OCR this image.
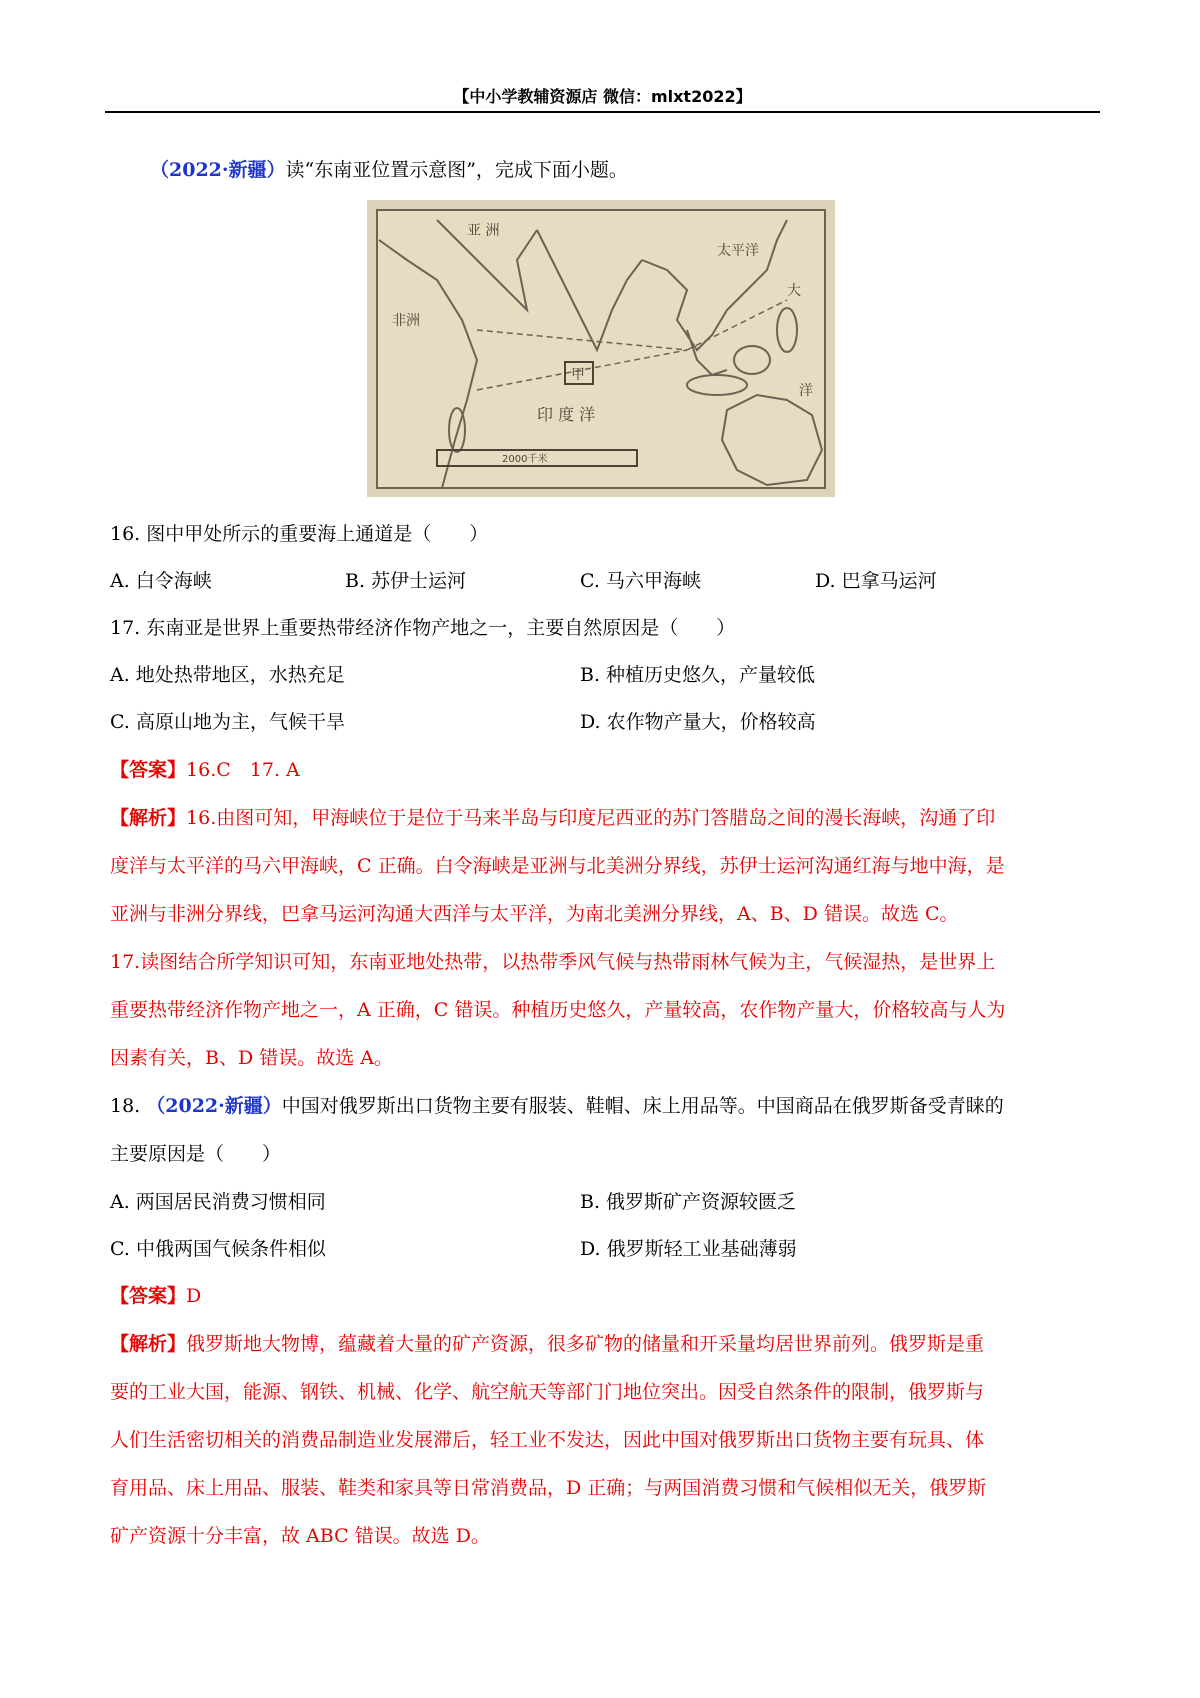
【中小学教辅资源店 微信：mlxt2022】
（2022·新疆）读“东南亚位置示意图”，完成下面小题。
亚 洲
非洲
太平洋
大
洋
甲
印 度 洋
2000千米
16. 图中甲处所示的重要海上通道是（　　）
A. 白令海峡	B. 苏伊士运河	C. 马六甲海峡	D. 巴拿马运河
17. 东南亚是世界上重要热带经济作物产地之一，主要自然原因是（　　）
A. 地处热带地区，水热充足	B. 种植历史悠久，产量较低
C. 高原山地为主，气候干旱	D. 农作物产量大，价格较高
【答案】16.C　17. A
【解析】16.由图可知，甲海峡位于是位于马来半岛与印度尼西亚的苏门答腊岛之间的漫长海峡，沟通了印
度洋与太平洋的马六甲海峡，C 正确。白令海峡是亚洲与北美洲分界线，苏伊士运河沟通红海与地中海，是
亚洲与非洲分界线，巴拿马运河沟通大西洋与太平洋，为南北美洲分界线，A、B、D 错误。故选 C。
17.读图结合所学知识可知，东南亚地处热带，以热带季风气候与热带雨林气候为主，气候湿热，是世界上
重要热带经济作物产地之一，A 正确，C 错误。种植历史悠久，产量较高，农作物产量大，价格较高与人为
因素有关，B、D 错误。故选 A。
18. （2022·新疆）中国对俄罗斯出口货物主要有服装、鞋帽、床上用品等。中国商品在俄罗斯备受青睐的
主要原因是（　　）
A. 两国居民消费习惯相同	B. 俄罗斯矿产资源较匮乏
C. 中俄两国气候条件相似	D. 俄罗斯轻工业基础薄弱
【答案】D
【解析】俄罗斯地大物博，蕴藏着大量的矿产资源，很多矿物的储量和开采量均居世界前列。俄罗斯是重
要的工业大国，能源、钢铁、机械、化学、航空航天等部门门地位突出。因受自然条件的限制，俄罗斯与
人们生活密切相关的消费品制造业发展滞后，轻工业不发达，因此中国对俄罗斯出口货物主要有玩具、体
育用品、床上用品、服装、鞋类和家具等日常消费品，D 正确；与两国消费习惯和气候相似无关，俄罗斯
矿产资源十分丰富，故 ABC 错误。故选 D。
